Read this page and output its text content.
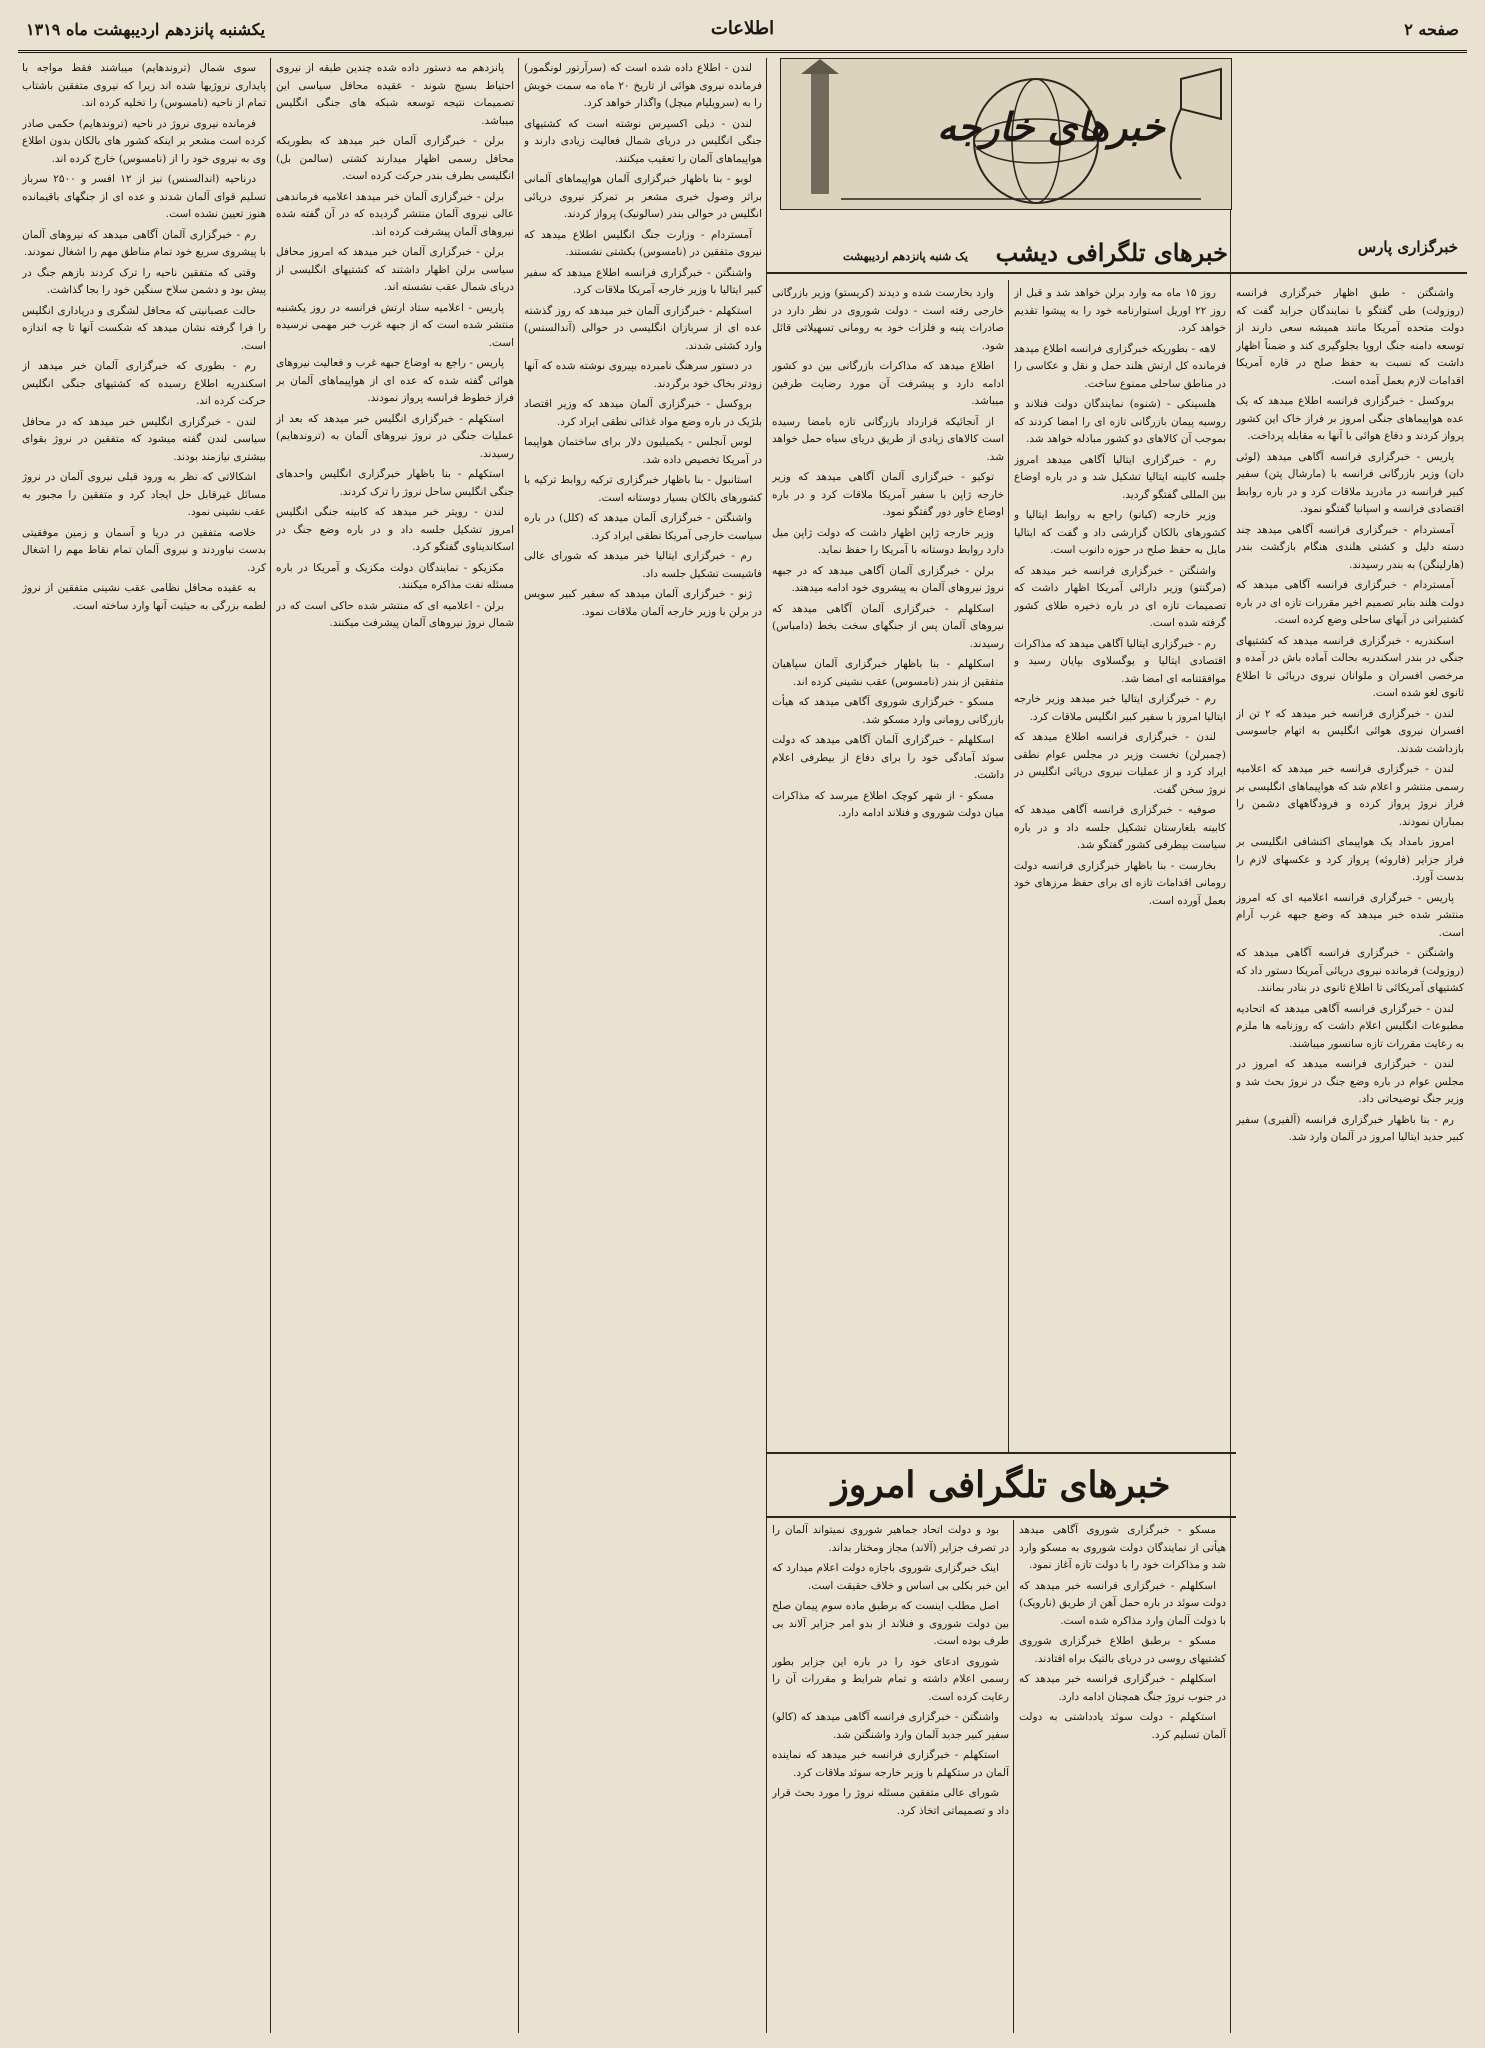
صفحه ۲
اطلاعات
یکشنبه پانزدهم اردیبهشت ماه ۱۳۱۹
خبرهای خارجه
خبرگزاری پارس
خبرهای تلگرافی دیشب
یک شنبه پانزدهم اردیبهشت
خبرهای تلگرافی امروز

واشنگتن - طبق اظهار خبرگزاری فرانسه (روزولت) طی گفتگو با نمایندگان جراید گفت که دولت متحده آمریکا مانند همیشه سعی دارند از توسعه دامنه جنگ اروپا بجلوگیری کند و ضمناً اظهار داشت که نسبت به حفظ صلح در قاره آمریکا اقدامات لازم بعمل آمده است.

بروکسل - خبرگزاری فرانسه اطلاع میدهد که یک عده هواپیماهای جنگی امروز بر فراز خاک این کشور پرواز کردند و دفاع هوائی با آنها به مقابله پرداخت.

پاریس - خبرگزاری فرانسه آگاهی میدهد (لوئی دان) وزیر بازرگانی فرانسه با (مارشال پتن) سفیر کبیر فرانسه در مادرید ملاقات کرد و در باره روابط اقتصادی فرانسه و اسپانیا گفتگو نمود.

آمستردام - خبرگزاری فرانسه آگاهی میدهد چند دسته دلیل و کشتی هلندی هنگام بازگشت بندر (هارلینگن) به بندر رسیدند.

آمستردام - خبرگزاری فرانسه آگاهی میدهد که دولت هلند بنابر تصمیم اخیر مقررات تازه ای در باره کشتیرانی در آبهای ساحلی وضع کرده است.

اسکندریه - خبرگزاری فرانسه میدهد که کشتیهای جنگی در بندر اسکندریه بحالت آماده باش در آمده و مرخصی افسران و ملوانان نیروی دریائی تا اطلاع ثانوی لغو شده است.

لندن - خبرگزاری فرانسه خبر میدهد که ۲ تن از افسران نیروی هوائی انگلیس به اتهام جاسوسی بازداشت شدند.

لندن - خبرگزاری فرانسه خبر میدهد که اعلامیه رسمی منتشر و اعلام شد که هواپیماهای انگلیسی بر فراز نروژ پرواز کرده و فرودگاههای دشمن را بمباران نمودند.

امروز بامداد یک هواپیمای اکتشافی انگلیسی بر فراز جزایر (فاروئه) پرواز کرد و عکسهای لازم را بدست آورد.

پاریس - خبرگزاری فرانسه اعلامیه ای که امروز منتشر شده خبر میدهد که وضع جبهه غرب آرام است.

واشنگتن - خبرگزاری فرانسه آگاهی میدهد که (روزولت) فرمانده نیروی دریائی آمریکا دستور داد که کشتیهای آمریکائی تا اطلاع ثانوی در بنادر بمانند.

لندن - خبرگزاری فرانسه آگاهی میدهد که اتحادیه مطبوعات انگلیس اعلام داشت که روزنامه ها ملزم به رعایت مقررات تازه سانسور میباشند.

لندن - خبرگزاری فرانسه میدهد که امروز در مجلس عوام در باره وضع جنگ در نروژ بحث شد و وزیر جنگ توضیحاتی داد.

رم - بنا باظهار خبرگزاری فرانسه (آلفیری) سفیر کبیر جدید ایتالیا امروز در آلمان وارد شد.

روز ۱۵ ماه مه وارد برلن خواهد شد و قبل از روز ۲۲ اوریل استوارنامه خود را به پیشوا تقدیم خواهد کرد.

لاهه - بطوریکه خبرگزاری فرانسه اطلاع میدهد فرمانده کل ارتش هلند حمل و نقل و عکاسی را در مناطق ساحلی ممنوع ساخت.

هلسینکی - (شنوه) نمایندگان دولت فنلاند و روسیه پیمان بازرگانی تازه ای را امضا کردند که بموجب آن کالاهای دو کشور مبادله خواهد شد.

رم - خبرگزاری ایتالیا آگاهی میدهد امروز جلسه کابینه ایتالیا تشکیل شد و در باره اوضاع بین المللی گفتگو گردید.

وزیر خارجه (کیانو) راجع به روابط ایتالیا و کشورهای بالکان گزارشی داد و گفت که ایتالیا مایل به حفظ صلح در حوزه دانوب است.

واشنگتن - خبرگزاری فرانسه خبر میدهد که (مرگنتو) وزیر دارائی آمریکا اظهار داشت که تصمیمات تازه ای در باره ذخیره طلای کشور گرفته شده است.

رم - خبرگزاری ایتالیا آگاهی میدهد که مذاکرات اقتصادی ایتالیا و یوگسلاوی بپایان رسید و موافقتنامه ای امضا شد.

رم - خبرگزاری ایتالیا خبر میدهد وزیر خارجه ایتالیا امروز با سفیر کبیر انگلیس ملاقات کرد.

لندن - خبرگزاری فرانسه اطلاع میدهد که (چمبرلن) نخست وزیر در مجلس عوام نطقی ایراد کرد و از عملیات نیروی دریائی انگلیس در نروژ سخن گفت.

صوفیه - خبرگزاری فرانسه آگاهی میدهد که کابینه بلغارستان تشکیل جلسه داد و در باره سیاست بیطرفی کشور گفتگو شد.

بخارست - بنا باظهار خبرگزاری فرانسه دولت رومانی اقدامات تازه ای برای حفظ مرزهای خود بعمل آورده است.

وارد بخارست شده و دیدند (کریستو) وزیر بازرگانی خارجی رفته است - دولت شوروی در نظر دارد در صادرات پنبه و فلزات خود به رومانی تسهیلاتی قائل شود.

اطلاع میدهد که مذاکرات بازرگانی بین دو کشور ادامه دارد و پیشرفت آن مورد رضایت طرفین میباشد.

از آنجائیکه قرارداد بازرگانی تازه بامضا رسیده است کالاهای زیادی از طریق دریای سیاه حمل خواهد شد.

توکیو - خبرگزاری آلمان آگاهی میدهد که وزیر خارجه ژاپن با سفیر آمریکا ملاقات کرد و در باره اوضاع خاور دور گفتگو نمود.

وزیر خارجه ژاپن اظهار داشت که دولت ژاپن میل دارد روابط دوستانه با آمریکا را حفظ نماید.

برلن - خبرگزاری آلمان آگاهی میدهد که در جبهه نروژ نیروهای آلمان به پیشروی خود ادامه میدهند.

اسکلهلم - خبرگزاری آلمان آگاهی میدهد که نیروهای آلمان پس از جنگهای سخت بخط (دامباس) رسیدند.

اسکلهلم - بنا باظهار خبرگزاری آلمان سپاهیان متفقین از بندر (نامسوس) عقب نشینی کرده اند.

مسکو - خبرگزاری شوروی آگاهی میدهد که هیأت بازرگانی رومانی وارد مسکو شد.

اسکلهلم - خبرگزاری آلمان آگاهی میدهد که دولت سوئد آمادگی خود را برای دفاع از بیطرفی اعلام داشت.

مسکو - از شهر کوچک اطلاع میرسد که مذاکرات میان دولت شوروی و فنلاند ادامه دارد.

مسکو - خبرگزاری شوروی آگاهی میدهد هیأتی از نمایندگان دولت شوروی به مسکو وارد شد و مذاکرات خود را با دولت تازه آغاز نمود.

اسکلهلم - خبرگزاری فرانسه خبر میدهد که دولت سوئد در باره حمل آهن از طریق (نارویک) با دولت آلمان وارد مذاکره شده است.

مسکو - برطبق اطلاع خبرگزاری شوروی کشتیهای روسی در دریای بالتیک براه افتادند.

اسکلهلم - خبرگزاری فرانسه خبر میدهد که در جنوب نروژ جنگ همچنان ادامه دارد.

استکهلم - دولت سوئد یادداشتی به دولت آلمان تسلیم کرد.

بود و دولت اتحاد جماهیر شوروی نمیتواند آلمان را در تصرف جزایر (آلاند) مجاز ومختار بداند.

اینک خبرگزاری شوروی باجازه دولت اعلام میدارد که این خبر بکلی بی اساس و خلاف حقیقت است.

اصل مطلب اینست که برطبق ماده سوم پیمان صلح بین دولت شوروی و فنلاند از بدو امر جزایر آلاند بی طرف بوده است.

شوروی ادعای خود را در باره این جزایر بطور رسمی اعلام داشته و تمام شرایط و مقررات آن را رعایت کرده است.

واشنگتن - خبرگزاری فرانسه آگاهی میدهد که (کالو) سفیر کبیر جدید آلمان وارد واشنگتن شد.

استکهلم - خبرگزاری فرانسه خبر میدهد که نماینده آلمان در ستکهلم با وزیر خارجه سوئد ملاقات کرد.

شورای عالی متفقین مسئله نروژ را مورد بحث قرار داد و تصمیماتی اتخاذ کرد.

لندن - اطلاع داده شده است که (سرآرتور لونگمور) فرمانده نیروی هوائی از تاریخ ۲۰ ماه مه سمت خویش را به (سرویلیام میچل) واگذار خواهد کرد.

لندن - دیلی اکسپرس نوشته است که کشتیهای جنگی انگلیس در دریای شمال فعالیت زیادی دارند و هواپیماهای آلمان را تعقیب میکنند.

لوبو - بنا باظهار خبرگزاری آلمان هواپیماهای آلمانی براثر وصول خبری مشعر بر تمرکز نیروی دریائی انگلیس در حوالی بندر (سالونیک) پرواز کردند.

آمستردام - وزارت جنگ انگلیس اطلاع میدهد که نیروی متفقین در (نامسوس) بکشتی نشستند.

واشنگتن - خبرگزاری فرانسه اطلاع میدهد که سفیر کبیر ایتالیا با وزیر خارجه آمریکا ملاقات کرد.

استکهلم - خبرگزاری آلمان خبر میدهد که روز گذشته عده ای از سربازان انگلیسی در حوالی (آندالسنس) وارد کشتی شدند.

در دستور سرهنگ نامبرده بپیروی نوشته شده که آنها زودتر بخاک خود برگردند.

بروکسل - خبرگزاری آلمان میدهد که وزیر اقتصاد بلژیک در باره وضع مواد غذائی نطقی ایراد کرد.

لوس آنجلس - یکمیلیون دلار برای ساختمان هواپیما در آمریکا تخصیص داده شد.

استانبول - بنا باظهار خبرگزاری ترکیه روابط ترکیه با کشورهای بالکان بسیار دوستانه است.

واشنگتن - خبرگزاری آلمان میدهد که (کلل) در باره سیاست خارجی آمریکا نطقی ایراد کرد.

رم - خبرگزاری ایتالیا خبر میدهد که شورای عالی فاشیست تشکیل جلسه داد.

ژنو - خبرگزاری آلمان میدهد که سفیر کبیر سویس در برلن با وزیر خارجه آلمان ملاقات نمود.

پانزدهم مه دستور داده شده چندین طبقه از نیروی احتیاط بسیج شوند - عقیده محافل سیاسی این تصمیمات نتیجه توسعه شبکه های جنگی انگلیس میباشد.

برلن - خبرگزاری آلمان خبر میدهد که بطوریکه محافل رسمی اظهار میدارند کشتی (سالمن بل) انگلیسی بطرف بندر حرکت کرده است.

برلن - خبرگزاری آلمان خبر میدهد اعلامیه فرماندهی عالی نیروی آلمان منتشر گردیده که در آن گفته شده نیروهای آلمان پیشرفت کرده اند.

برلن - خبرگزاری آلمان خبر میدهد که امروز محافل سیاسی برلن اظهار داشتند که کشتیهای انگلیسی از دریای شمال عقب نشسته اند.

پاریس - اعلامیه ستاد ارتش فرانسه در روز یکشنبه منتشر شده است که از جبهه غرب خبر مهمی نرسیده است.

پاریس - راجع به اوضاع جبهه غرب و فعالیت نیروهای هوائی گفته شده که عده ای از هواپیماهای آلمان بر فراز خطوط فرانسه پرواز نمودند.

استکهلم - خبرگزاری انگلیس خبر میدهد که بعد از عملیات جنگی در نروژ نیروهای آلمان به (تروندهایم) رسیدند.

استکهلم - بنا باظهار خبرگزاری انگلیس واحدهای جنگی انگلیس ساحل نروژ را ترک کردند.

لندن - رویتر خبر میدهد که کابینه جنگی انگلیس امروز تشکیل جلسه داد و در باره وضع جنگ در اسکاندیناوی گفتگو کرد.

مکزیکو - نمایندگان دولت مکزیک و آمریکا در باره مسئله نفت مذاکره میکنند.

برلن - اعلامیه ای که منتشر شده حاکی است که در شمال نروژ نیروهای آلمان پیشرفت میکنند.

سوی شمال (تروندهایم) میباشند فقط مواجه با پایداری نروژیها شده اند زیرا که نیروی متفقین باشتاب تمام از ناحیه (نامسوس) را تخلیه کرده اند.

فرمانده نیروی نروژ در ناحیه (تروندهایم) حکمی صادر کرده است مشعر بر اینکه کشور های بالکان بدون اطلاع وی به نیروی خود را از (نامسوس) خارج کرده اند.

درناحیه (اندالسنس) نیز از ۱۲ افسر و ۲۵۰۰ سرباز تسلیم قوای آلمان شدند و عده ای از جنگهای باقیمانده هنوز تعیین نشده است.

رم - خبرگزاری آلمان آگاهی میدهد که نیروهای آلمان با پیشروی سریع خود تمام مناطق مهم را اشغال نمودند.

وقتی که متفقین ناحیه را ترک کردند بازهم جنگ در پیش بود و دشمن سلاح سنگین خود را بجا گذاشت.

حالت عصبانیتی که محافل لشگری و دریاداری انگلیس را فرا گرفته نشان میدهد که شکست آنها تا چه اندازه است.

رم - بطوری که خبرگزاری آلمان خبر میدهد از اسکندریه اطلاع رسیده که کشتیهای جنگی انگلیس حرکت کرده اند.

لندن - خبرگزاری انگلیس خبر میدهد که در محافل سیاسی لندن گفته میشود که متفقین در نروژ بقوای بیشتری نیازمند بودند.

اشکالاتی که نظر به ورود قبلی نیروی آلمان در نروژ مسائل غیرقابل حل ایجاد کرد و متفقین را مجبور به عقب نشینی نمود.

خلاصه متفقین در دریا و آسمان و زمین موفقیتی بدست نیاوردند و نیروی آلمان تمام نقاط مهم را اشغال کرد.

به عقیده محافل نظامی عقب نشینی متفقین از نروژ لطمه بزرگی به حیثیت آنها وارد ساخته است.
